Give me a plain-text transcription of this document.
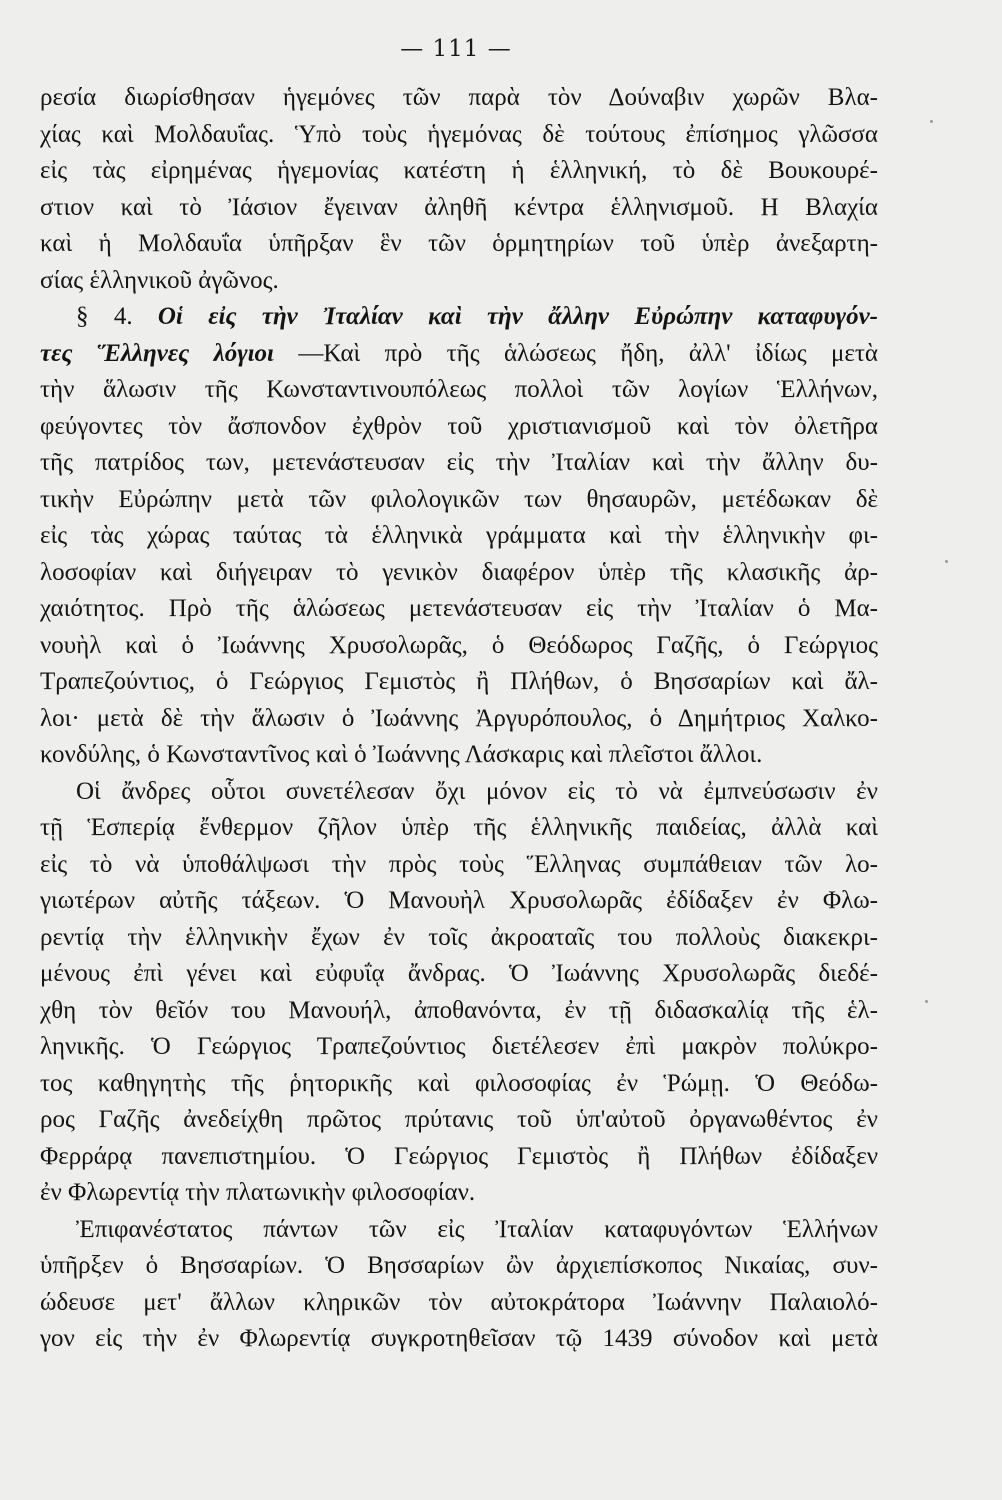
— 111 —
ρεσία διωρίσθησαν ἡγεμόνες τῶν παρὰ τὸν Δούναβιν χωρῶν Βλα-
χίας καὶ Μολδαυΐας. Ὑπὸ τοὺς ἡγεμόνας δὲ τούτους ἐπίσημος γλῶσσα
εἰς τὰς εἰρημένας ἡγεμονίας κατέστη ἡ ἑλληνική, τὸ δὲ Βουκουρέ-
στιον καὶ τὸ Ἰάσιον ἔγειναν ἀληθῆ κέντρα ἑλληνισμοῦ. Η Βλαχία
καὶ ἡ Μολδαυΐα ὑπῆρξαν ἓν τῶν ὁρμητηρίων τοῦ ὑπὲρ ἀνεξαρτη-
σίας ἑλληνικοῦ ἀγῶνος.
§ 4. Οἱ εἰς τὴν Ἰταλίαν καὶ τὴν ἄλλην Εὐρώπην καταφυγόν-
τες Ἕλληνες λόγιοι —Καὶ πρὸ τῆς ἁλώσεως ἤδη, ἀλλ' ἰδίως μετὰ
τὴν ἅλωσιν τῆς Κωνσταντινουπόλεως πολλοὶ τῶν λογίων Ἑλλήνων,
φεύγοντες τὸν ἄσπονδον ἐχθρὸν τοῦ χριστιανισμοῦ καὶ τὸν ὀλετῆρα
τῆς πατρίδος των, μετενάστευσαν εἰς τὴν Ἰταλίαν καὶ τὴν ἄλλην δυ-
τικὴν Εὐρώπην μετὰ τῶν φιλολογικῶν των θησαυρῶν, μετέδωκαν δὲ
εἰς τὰς χώρας ταύτας τὰ ἑλληνικὰ γράμματα καὶ τὴν ἑλληνικὴν φι-
λοσοφίαν καὶ διήγειραν τὸ γενικὸν διαφέρον ὑπὲρ τῆς κλασικῆς ἀρ-
χαιότητος. Πρὸ τῆς ἁλώσεως μετενάστευσαν εἰς τὴν Ἰταλίαν ὁ Μα-
νουὴλ καὶ ὁ Ἰωάννης Χρυσολωρᾶς, ὁ Θεόδωρος Γαζῆς, ὁ Γεώργιος
Τραπεζούντιος, ὁ Γεώργιος Γεμιστὸς ἢ Πλήθων, ὁ Βησσαρίων καὶ ἄλ-
λοι· μετὰ δὲ τὴν ἅλωσιν ὁ Ἰωάννης Ἀργυρόπουλος, ὁ Δημήτριος Χαλκο-
κονδύλης, ὁ Κωνσταντῖνος καὶ ὁ Ἰωάννης Λάσκαρις καὶ πλεῖστοι ἄλλοι.
Οἱ ἄνδρες οὗτοι συνετέλεσαν ὄχι μόνον εἰς τὸ νὰ ἐμπνεύσωσιν ἐν
τῇ Ἑσπερίᾳ ἔνθερμον ζῆλον ὑπὲρ τῆς ἑλληνικῆς παιδείας, ἀλλὰ καὶ
εἰς τὸ νὰ ὑποθάλψωσι τὴν πρὸς τοὺς Ἕλληνας συμπάθειαν τῶν λο-
γιωτέρων αὐτῆς τάξεων. Ὁ Μανουὴλ Χρυσολωρᾶς ἐδίδαξεν ἐν Φλω-
ρεντίᾳ τὴν ἑλληνικὴν ἔχων ἐν τοῖς ἀκροαταῖς του πολλοὺς διακεκρι-
μένους ἐπὶ γένει καὶ εὐφυΐᾳ ἄνδρας. Ὁ Ἰωάννης Χρυσολωρᾶς διεδέ-
χθη τὸν θεῖόν του Μανουήλ, ἀποθανόντα, ἐν τῇ διδασκαλίᾳ τῆς ἑλ-
ληνικῆς. Ὁ Γεώργιος Τραπεζούντιος διετέλεσεν ἐπὶ μακρὸν πολύκρο-
τος καθηγητὴς τῆς ῥητορικῆς καὶ φιλοσοφίας ἐν Ῥώμῃ. Ὁ Θεόδω-
ρος Γαζῆς ἀνεδείχθη πρῶτος πρύτανις τοῦ ὑπ'αὐτοῦ ὀργανωθέντος ἐν
Φερράρᾳ πανεπιστημίου. Ὁ Γεώργιος Γεμιστὸς ἢ Πλήθων ἐδίδαξεν
ἐν Φλωρεντίᾳ τὴν πλατωνικὴν φιλοσοφίαν.
Ἐπιφανέστατος πάντων τῶν εἰς Ἰταλίαν καταφυγόντων Ἑλλήνων
ὑπῆρξεν ὁ Βησσαρίων. Ὁ Βησσαρίων ὢν ἀρχιεπίσκοπος Νικαίας, συν-
ώδευσε μετ' ἄλλων κληρικῶν τὸν αὐτοκράτορα Ἰωάννην Παλαιολό-
γον εἰς τὴν ἐν Φλωρεντίᾳ συγκροτηθεῖσαν τῷ 1439 σύνοδον καὶ μετὰ
